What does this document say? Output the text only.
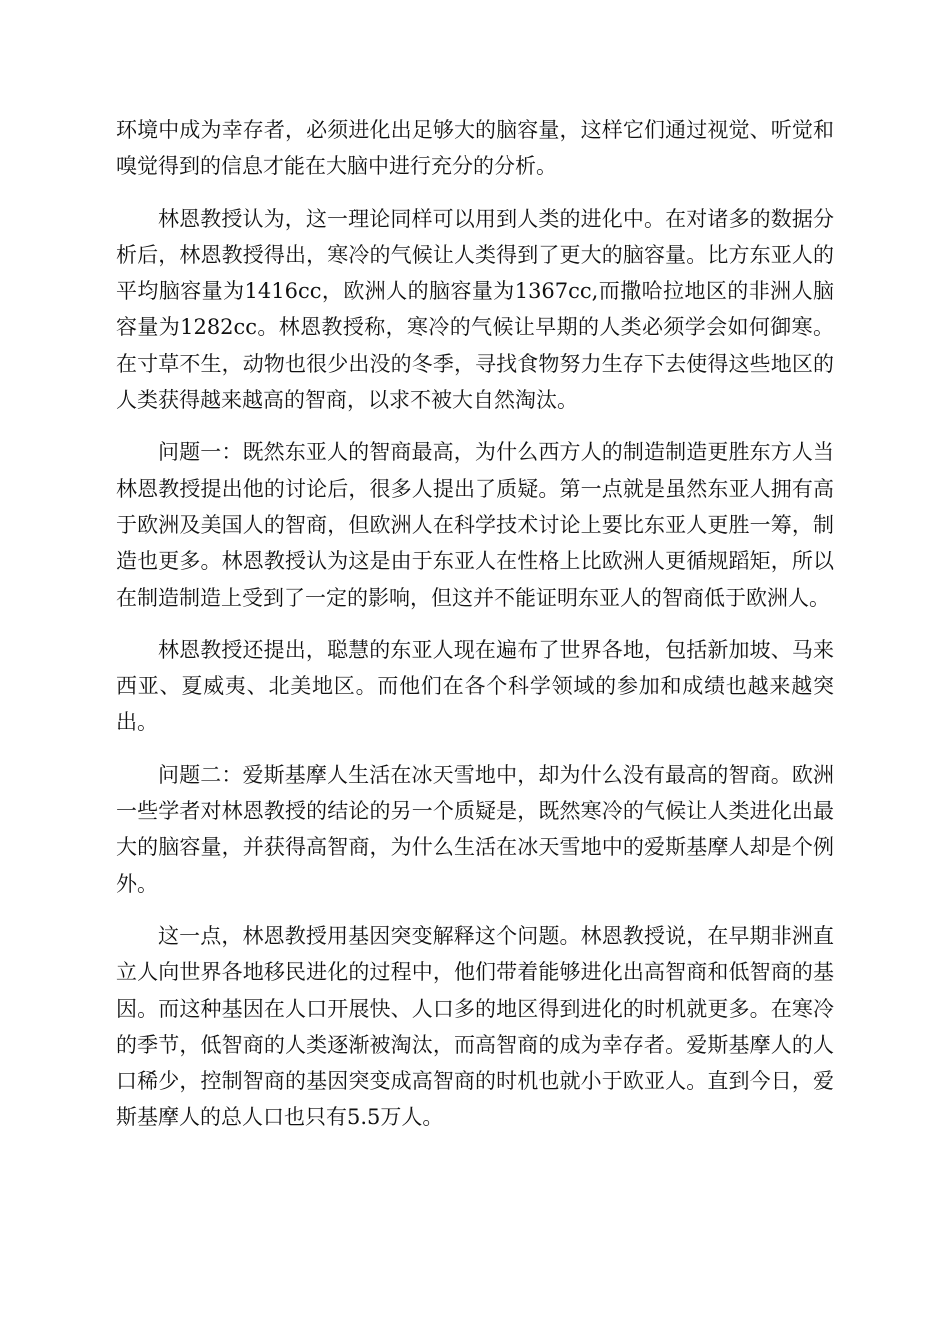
环境中成为幸存者，必须进化出足够大的脑容量，这样它们通过视觉、听觉和嗅觉得到的信息才能在大脑中进行充分的分析。

林恩教授认为，这一理论同样可以用到人类的进化中。在对诸多的数据分析后，林恩教授得出，寒冷的气候让人类得到了更大的脑容量。比方东亚人的平均脑容量为1416cc，欧洲人的脑容量为1367cc,而撒哈拉地区的非洲人脑容量为1282cc。林恩教授称，寒冷的气候让早期的人类必须学会如何御寒。在寸草不生，动物也很少出没的冬季，寻找食物努力生存下去使得这些地区的人类获得越来越高的智商，以求不被大自然淘汰。

问题一：既然东亚人的智商最高，为什么西方人的制造制造更胜东方人当林恩教授提出他的讨论后，很多人提出了质疑。第一点就是虽然东亚人拥有高于欧洲及美国人的智商，但欧洲人在科学技术讨论上要比东亚人更胜一筹，制造也更多。林恩教授认为这是由于东亚人在性格上比欧洲人更循规蹈矩，所以在制造制造上受到了一定的影响，但这并不能证明东亚人的智商低于欧洲人。

林恩教授还提出，聪慧的东亚人现在遍布了世界各地，包括新加坡、马来西亚、夏威夷、北美地区。而他们在各个科学领域的参加和成绩也越来越突出。

问题二：爱斯基摩人生活在冰天雪地中，却为什么没有最高的智商。欧洲一些学者对林恩教授的结论的另一个质疑是，既然寒冷的气候让人类进化出最大的脑容量，并获得高智商，为什么生活在冰天雪地中的爱斯基摩人却是个例外。

这一点，林恩教授用基因突变解释这个问题。林恩教授说，在早期非洲直立人向世界各地移民进化的过程中，他们带着能够进化出高智商和低智商的基因。而这种基因在人口开展快、人口多的地区得到进化的时机就更多。在寒冷的季节，低智商的人类逐渐被淘汰，而高智商的成为幸存者。爱斯基摩人的人口稀少，控制智商的基因突变成高智商的时机也就小于欧亚人。直到今日，爱斯基摩人的总人口也只有5.5万人。
